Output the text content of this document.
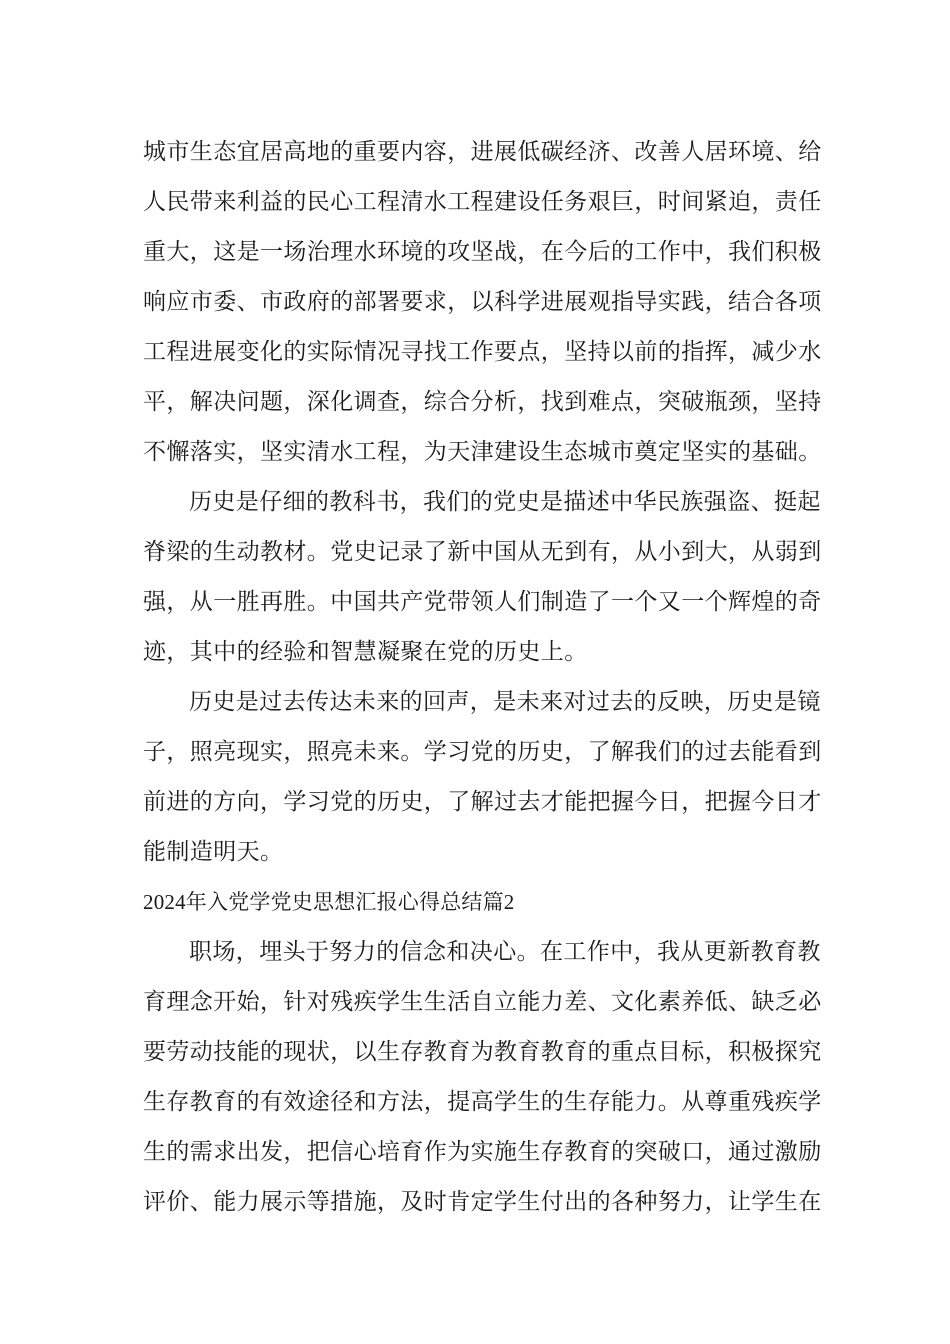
城市生态宜居高地的重要内容，进展低碳经济、改善人居环境、给
人民带来利益的民心工程清水工程建设任务艰巨，时间紧迫，责任
重大，这是一场治理水环境的攻坚战，在今后的工作中，我们积极
响应市委、市政府的部署要求，以科学进展观指导实践，结合各项
工程进展变化的实际情况寻找工作要点，坚持以前的指挥，减少水
平，解决问题，深化调查，综合分析，找到难点，突破瓶颈，坚持
不懈落实，坚实清水工程，为天津建设生态城市奠定坚实的基础。
历史是仔细的教科书，我们的党史是描述中华民族强盗、挺起
脊梁的生动教材。党史记录了新中国从无到有，从小到大，从弱到
强，从一胜再胜。中国共产党带领人们制造了一个又一个辉煌的奇
迹，其中的经验和智慧凝聚在党的历史上。
历史是过去传达未来的回声，是未来对过去的反映，历史是镜
子，照亮现实，照亮未来。学习党的历史，了解我们的过去能看到
前进的方向，学习党的历史，了解过去才能把握今日，把握今日才
能制造明天。
2024年入党学党史思想汇报心得总结篇2
职场，埋头于努力的信念和决心。在工作中，我从更新教育教
育理念开始，针对残疾学生生活自立能力差、文化素养低、缺乏必
要劳动技能的现状，以生存教育为教育教育的重点目标，积极探究
生存教育的有效途径和方法，提高学生的生存能力。从尊重残疾学
生的需求出发，把信心培育作为实施生存教育的突破口，通过激励
评价、能力展示等措施，及时肯定学生付出的各种努力，让学生在
